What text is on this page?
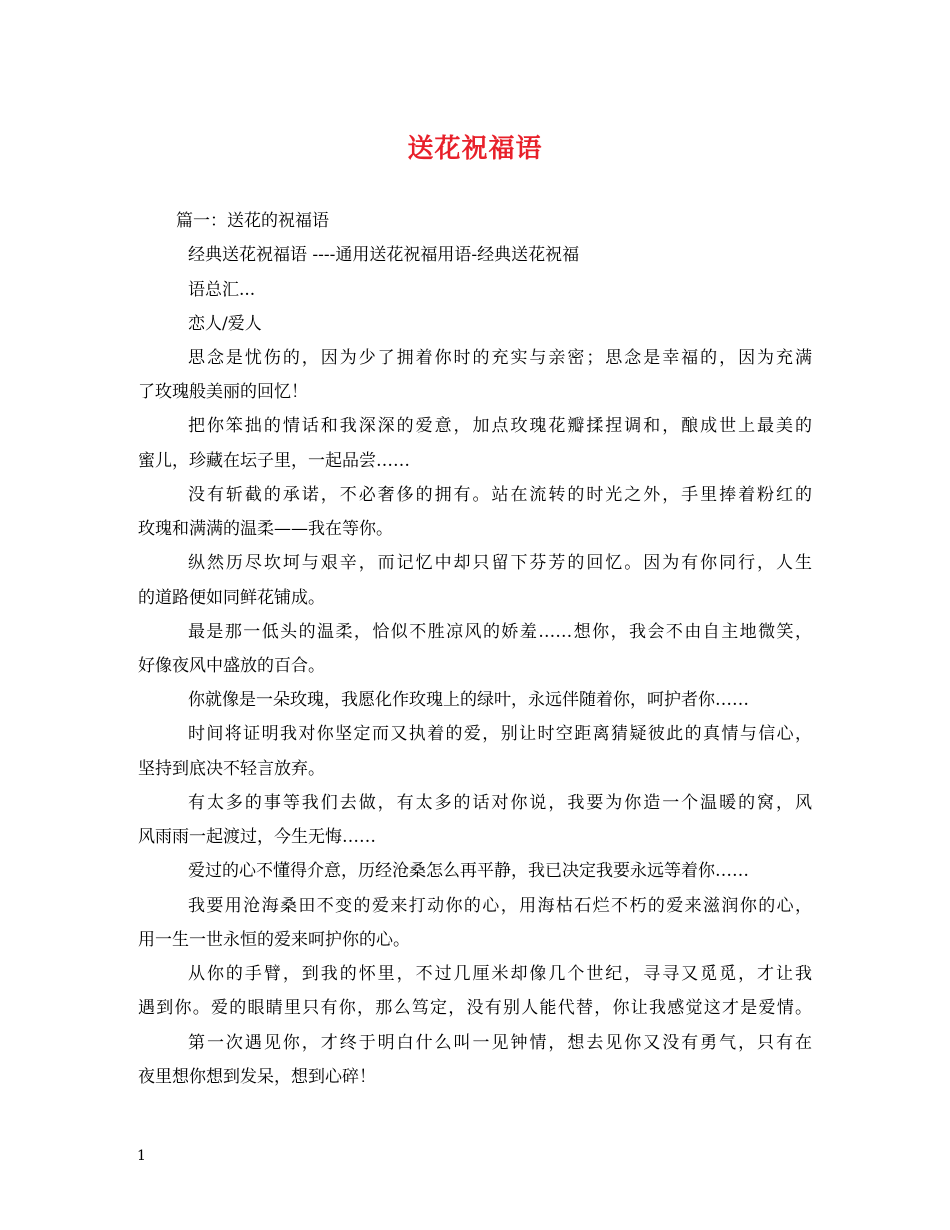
送花祝福语
篇一：送花的祝福语
经典送花祝福语 ----通用送花祝福用语-经典送花祝福
语总汇...
恋人/爱人
思念是忧伤的，因为少了拥着你时的充实与亲密；思念是幸福的，因为充满
了玫瑰般美丽的回忆！
把你笨拙的情话和我深深的爱意，加点玫瑰花瓣揉捏调和，酿成世上最美的
蜜儿，珍藏在坛子里，一起品尝……
没有斩截的承诺，不必奢侈的拥有。站在流转的时光之外，手里捧着粉红的
玫瑰和满满的温柔——我在等你。
纵然历尽坎坷与艰辛，而记忆中却只留下芬芳的回忆。因为有你同行，人生
的道路便如同鲜花铺成。
最是那一低头的温柔，恰似不胜凉风的娇羞……想你，我会不由自主地微笑，
好像夜风中盛放的百合。
你就像是一朵玫瑰，我愿化作玫瑰上的绿叶，永远伴随着你，呵护者你……
时间将证明我对你坚定而又执着的爱，别让时空距离猜疑彼此的真情与信心，
坚持到底决不轻言放弃。
有太多的事等我们去做，有太多的话对你说，我要为你造一个温暖的窝，风
风雨雨一起渡过，今生无悔……
爱过的心不懂得介意，历经沧桑怎么再平静，我已决定我要永远等着你……
我要用沧海桑田不变的爱来打动你的心，用海枯石烂不朽的爱来滋润你的心，
用一生一世永恒的爱来呵护你的心。
从你的手臂，到我的怀里，不过几厘米却像几个世纪，寻寻又觅觅，才让我
遇到你。爱的眼睛里只有你，那么笃定，没有别人能代替，你让我感觉这才是爱情。
第一次遇见你，才终于明白什么叫一见钟情，想去见你又没有勇气，只有在
夜里想你想到发呆，想到心碎！
1
